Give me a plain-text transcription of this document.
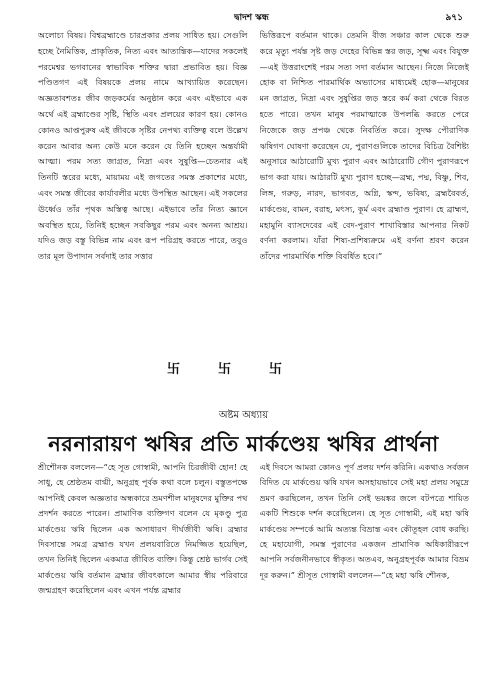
দ্বাদশ স্কন্ধ	৯৭১

অলোচ্য বিষয়। বিশ্বব্রহ্মাণ্ডে চারপ্রকার প্রলয় সাধিত হয়। সেগুলি হচ্ছে নৈমিত্তিক, প্রাকৃতিক, নিত্য এবং আত্যন্তিক—যাদের সকলেই পরমেশ্বর ভগবানের স্বাভাবিক শক্তির দ্বারা প্রভাবিত হয়। বিজ্ঞ পণ্ডিতগণ এই বিষয়কে প্রলয় নামে আখ্যায়িত করেছেন। অজ্ঞতাবশতঃ জীব জড়কর্মের অনুষ্ঠান করে এবং এইভাবে এক অর্থে এই ব্রহ্মাণ্ডের সৃষ্টি, স্থিতি এবং প্রলয়ের কারণ হয়। কোনও কোনও আপ্তপুরুষ এই জীবকে সৃষ্টির নেপথ্য ব্যক্তিত্ব বলে উল্লেখ করেন আবার অন্য কেউ মনে করেন যে তিনি হচ্ছেন অন্তর্যামী আত্মা। পরম সত্য জাগ্রত, নিদ্রা এবং সুষুপ্তি—চেতনার এই তিনটি স্তরের মধ্যে, মায়াময় এই জগতের সমস্ত প্রকাশের মধ্যে, এবং সমস্ত জীবের কার্যাবলীর মধ্যে উপস্থিত আছেন। এই সকলের ঊর্ধ্বেও তাঁর পৃথক অস্তিত্ব আছে। এইভাবে তাঁর নিত্য জ্ঞানে অবস্থিত হয়ে, তিনিই হচ্ছেন সবকিছুর পরম এবং অনন্য আশ্রয়। যদিও জড় বস্তু বিভিন্ন নাম এবং রূপ পরিগ্রহ করতে পারে, তবুও তার মূল উপাদান সর্বদাই তার সত্তার

ভিত্তিরূপে বর্তমান থাকে। তেমনি বীজ সঞ্চার কাল থেকে শুরু করে মৃত্যু পর্যন্ত সৃষ্ট জড় দেহের বিভিন্ন স্তর জড়, সূক্ষ্ম এবং বিযুক্ত—এই উত্তরাংশেই পরম সত্য সদা বর্তমান আছেন। নিজে নিজেই হোক বা নিশ্চিত পারমার্থিক অভ্যাসের মাধ্যমেই হোক—মানুষের মন জাগ্রত, নিদ্রা এবং সুষুপ্তির জড় স্তরে কর্ম করা থেকে বিরত হতে পারে। তখন মানুষ পরমাত্মাকে উপলব্ধি করতে পেরে নিজেকে জড় প্রপঞ্চ থেকে নিবর্তিত করে। সুদক্ষ পৌরাণিক ঋষিগণ ঘোষণা করেছেন যে, পুরাণগুলিকে তাদের বিচিত্র বৈশিষ্ট্য অনুসারে আঠারোটি মুখ্য পুরাণ এবং আঠারোটি গৌণ পুরাণরূপে ভাগ করা যায়। আঠারটি মুখ্য পুরাণ হচ্ছে—ব্রহ্ম, পদ্ম, বিষ্ণু, শিব, লিঙ্গ, গরুড়, নারদ, ভাগবত, অগ্নি, স্কন্দ, ভবিষ্য, ব্রহ্মবৈবর্ত, মার্কণ্ডেয়, বামন, বরাহ, মৎস্য, কূর্ম এবং ব্রহ্মাণ্ড পুরাণ। হে ব্রাহ্মণ, মহামুনি ব্যাসদেবের এই বেদ-পুরাণ শাখাবিস্তার আপনার নিকট বর্ণনা করলাম। যাঁরা শিষ্য-প্রশিষ্যক্রমে এই বর্ণনা শ্রবণ করেন তাঁদের পারমার্থিক শক্তি বিবর্ধিত হবে।”

卐卐卐
অষ্টম অধ্যায়
নরনারায়ণ ঋষির প্রতি মার্কণ্ডেয় ঋষির প্রার্থনা

শ্রীশৌনক বললেন—“হে সূত গোস্বামী, আপনি চিরজীবী হোন! হে সাধু, হে শ্রেষ্ঠতম বাগ্মী, অনুগ্রহ পূর্বক কথা বলে চলুন। বস্তুতপক্ষে আপনিই কেবল অজ্ঞতার অন্ধকারে ভ্রমণশীল মানুষদের মুক্তির পথ প্রদর্শন করতে পারেন। প্রামাণিক ব্যক্তিগণ বলেন যে মৃকণ্ডু পুত্র মার্কণ্ডেয় ঋষি ছিলেন এক অসাধারণ দীর্ঘজীবী ঋষি। ব্রহ্মার দিবসান্তে সমগ্র ব্রহ্মাণ্ড যখন প্রলয়বারিতে নিমজ্জিত হয়েছিল, তখন তিনিই ছিলেন একমাত্র জীবিত ব্যক্তি। কিন্তু শ্রেষ্ঠ ভার্গব সেই মার্কণ্ডেয় ঋষি বর্তমান ব্রহ্মার জীবৎকালে আমার স্বীয় পরিবারে জন্মগ্রহণ করেছিলেন এবং এখন পর্যন্ত ব্রহ্মার

এই দিবসে আমরা কোনও পূর্ণ প্রলয় দর্শন করিনি। একথাও সর্বজন বিদিত যে মার্কণ্ডেয় ঋষি যখন অসহায়ভাবে সেই মহা প্রলয় সমুদ্রে ভ্রমণ করছিলেন, তখন তিনি সেই ভয়ঙ্কর জলে বটপত্রে শায়িত একটি শিশুকে দর্শন করেছিলেন। হে সূত গোস্বামী, এই মহা ঋষি মার্কণ্ডেয় সম্পর্কে আমি অত্যন্ত বিভ্রান্ত এবং কৌতূহল বোধ করছি। হে মহাযোগী, সমস্ত পুরাণের একজন প্রামাণিক অধিকারীরূপে আপনি সর্বজনীনভাবে স্বীকৃত। অতএব, অনুগ্রহপূর্বক আমার বিভ্রম দূর করুন।” শ্রীসূত গোস্বামী বললেন—“হে মহা ঋষি শৌনক,
